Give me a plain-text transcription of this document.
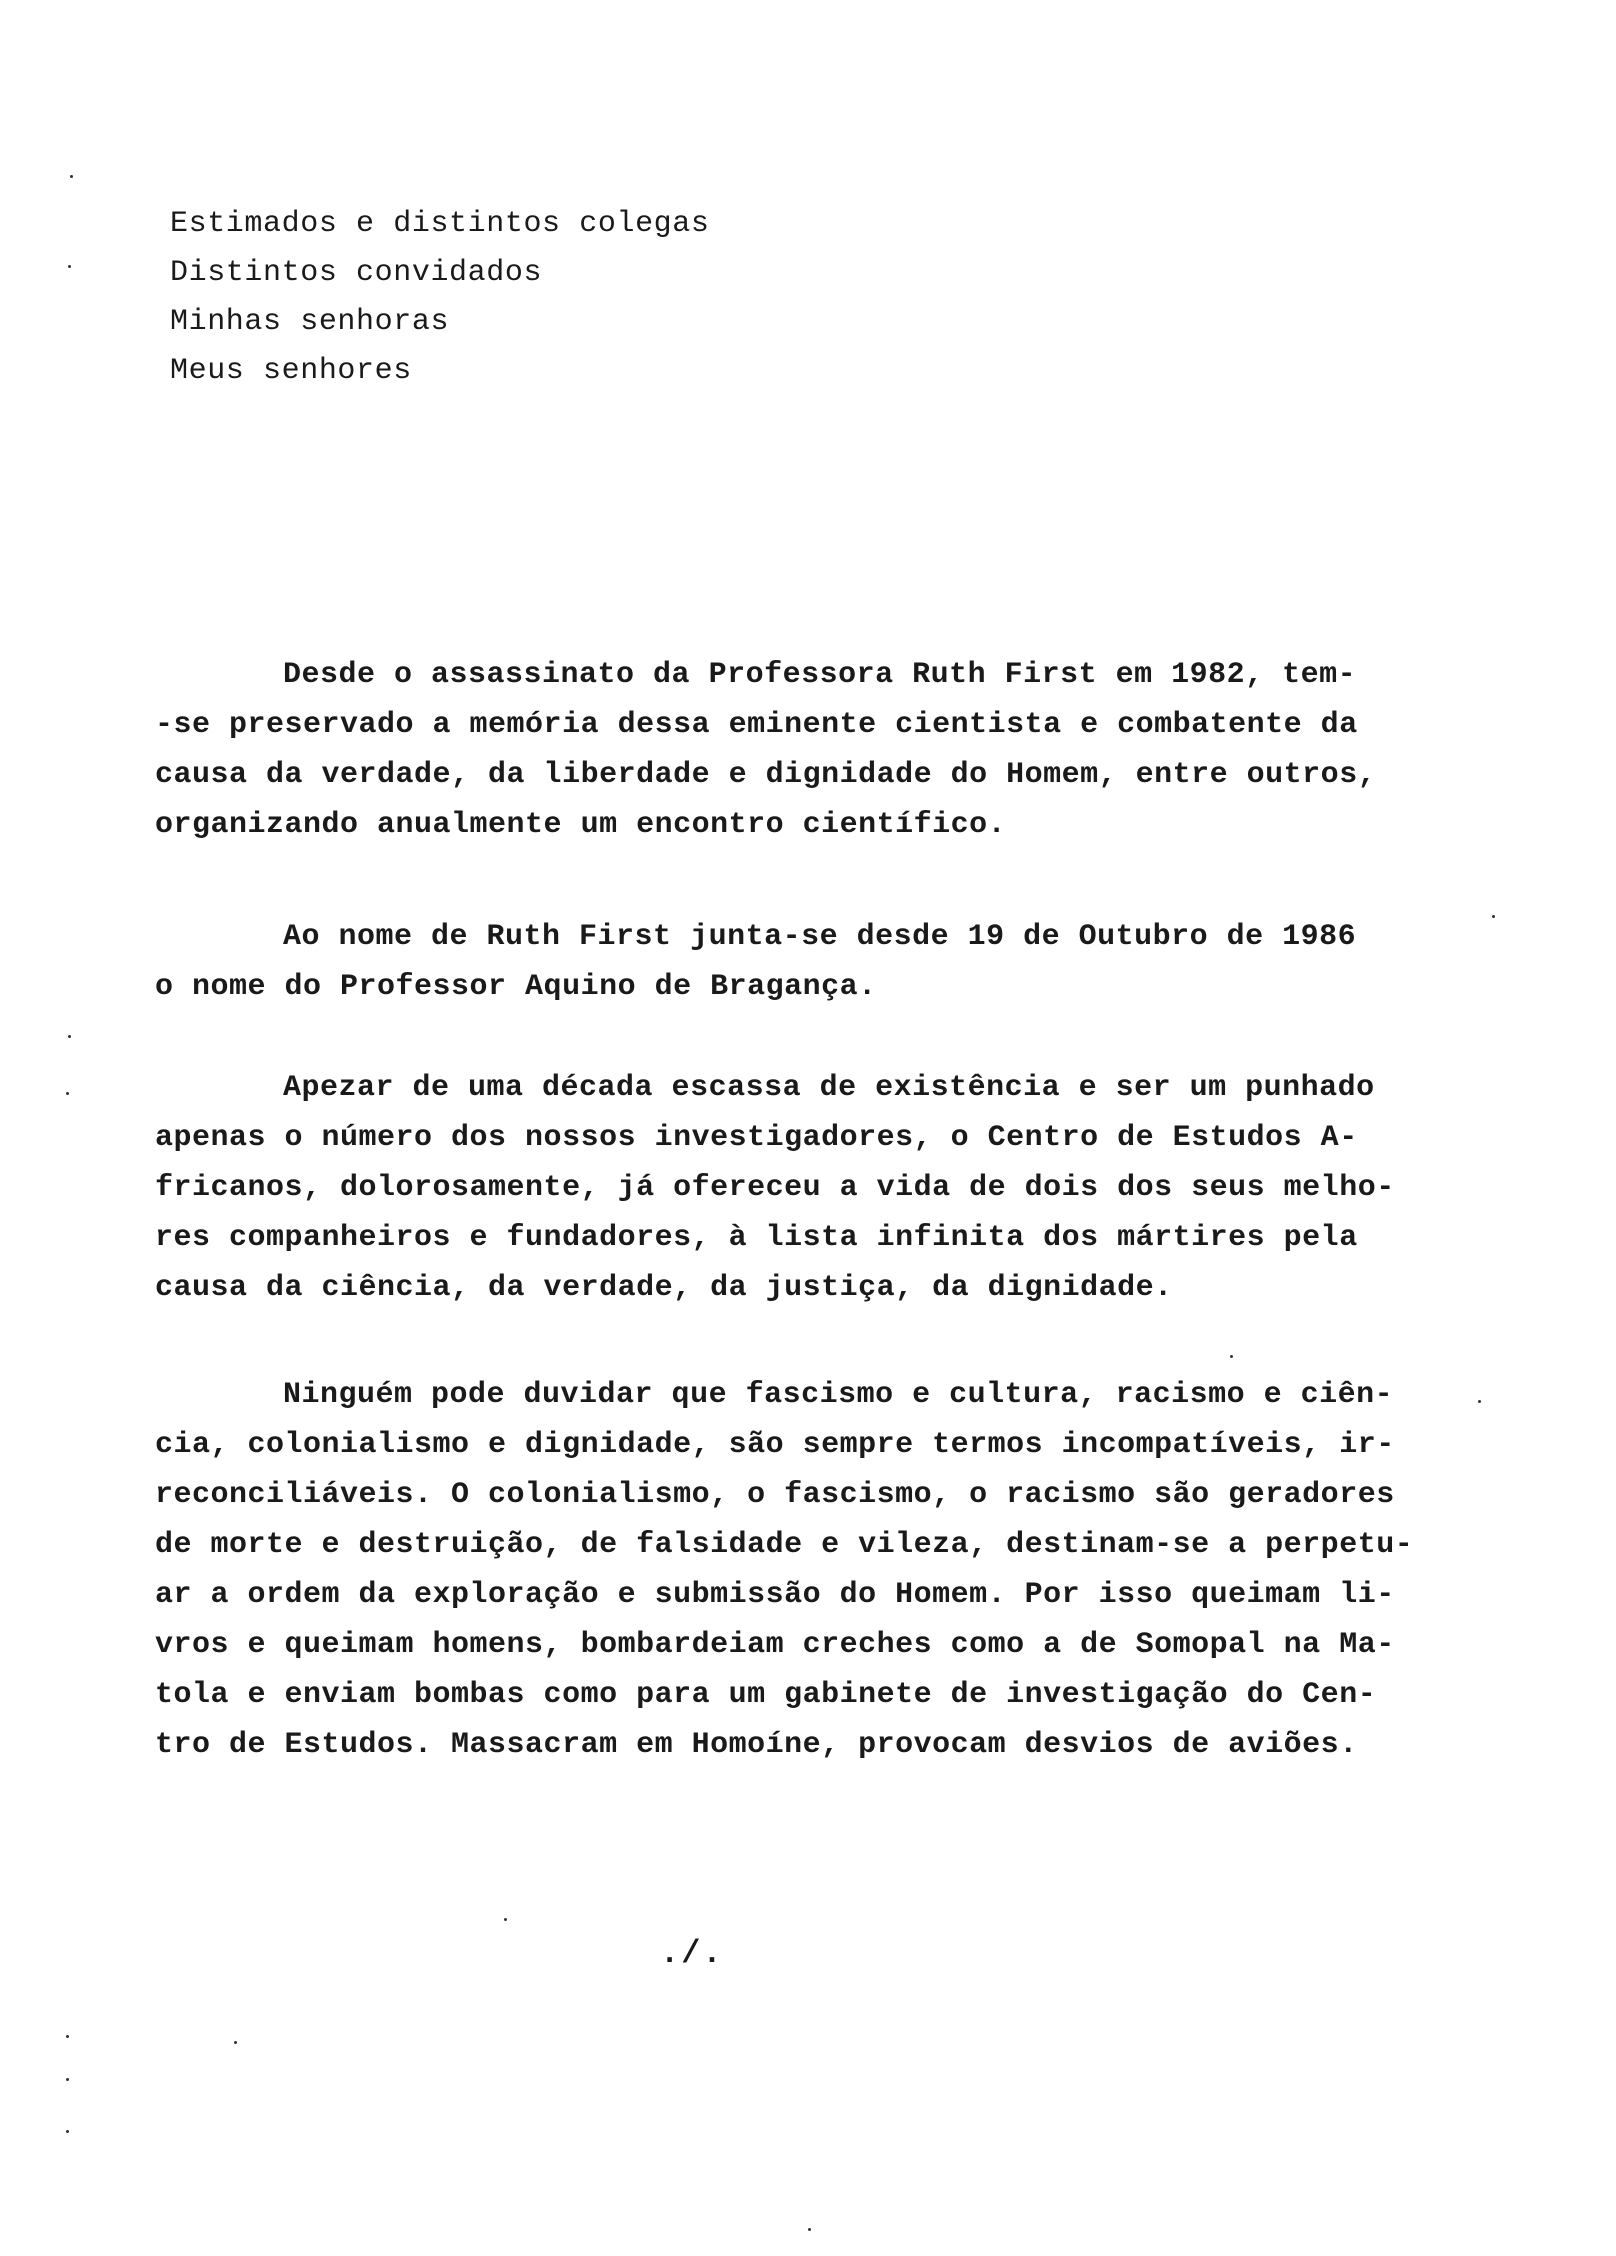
Estimados e distintos colegas
Distintos convidados
Minhas senhoras
Meus senhores
Desde o assassinato da Professora Ruth First em 1982, tem-
-se preservado a memória dessa eminente cientista e combatente da
causa da verdade, da liberdade e dignidade do Homem, entre outros,
organizando anualmente um encontro científico.
Ao nome de Ruth First junta-se desde 19 de Outubro de 1986
o nome do Professor Aquino de Bragança.
Apezar de uma década escassa de existência e ser um punhado
apenas o número dos nossos investigadores, o Centro de Estudos A-
fricanos, dolorosamente, já ofereceu a vida de dois dos seus melho-
res companheiros e fundadores, à lista infinita dos mártires pela
causa da ciência, da verdade, da justiça, da dignidade.
Ninguém pode duvidar que fascismo e cultura, racismo e ciên-
cia, colonialismo e dignidade, são sempre termos incompatíveis, ir-
reconciliáveis. O colonialismo, o fascismo, o racismo são geradores
de morte e destruição, de falsidade e vileza, destinam-se a perpetu-
ar a ordem da exploração e submissão do Homem. Por isso queimam li-
vros e queimam homens, bombardeiam creches como a de Somopal na Ma-
tola e enviam bombas como para um gabinete de investigação do Cen-
tro de Estudos. Massacram em Homoíne, provocam desvios de aviões.
./.
